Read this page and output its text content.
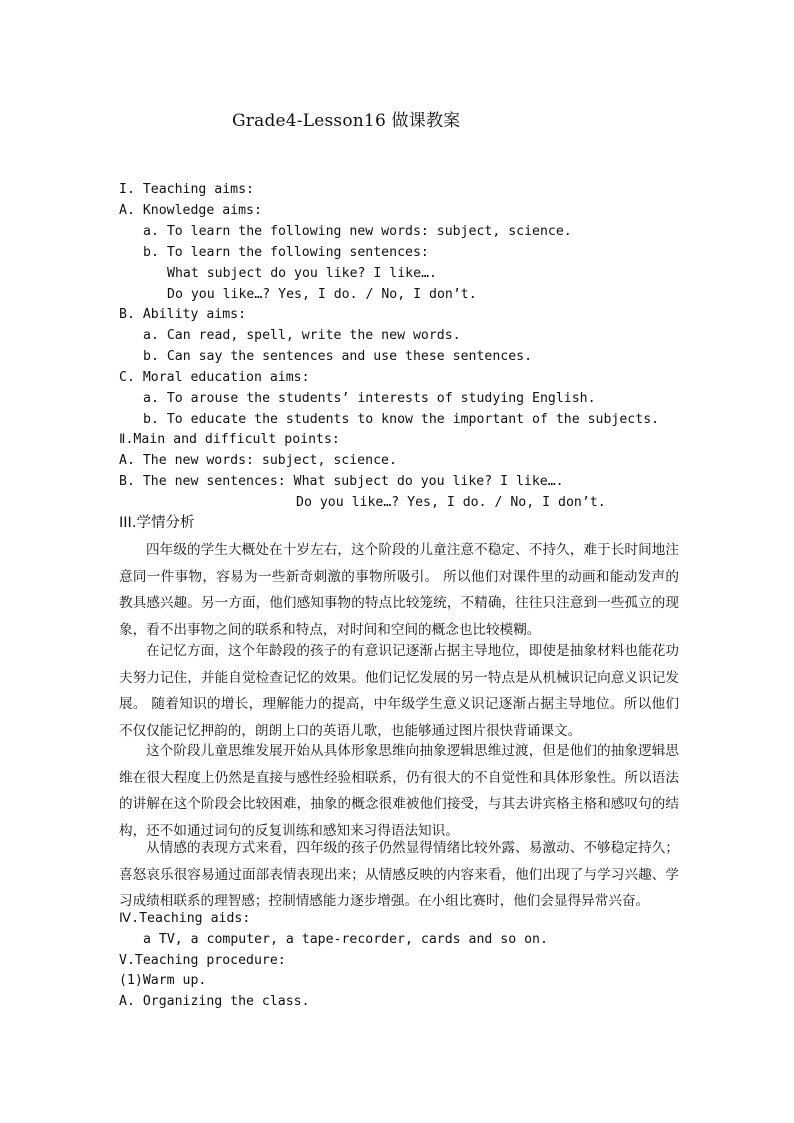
Grade4-Lesson16 做课教案
I. Teaching aims:
A. Knowledge aims:
a. To learn the following new words: subject, science.
b. To learn the following sentences:
What subject do you like? I like….
Do you like…? Yes, I do. / No, I don’t.
B. Ability aims:
a. Can read, spell, write the new words.
b. Can say the sentences and use these sentences.
C. Moral education aims:
a. To arouse the students’ interests of studying English.
b. To educate the students to know the important of the subjects.
Ⅱ.Main and difficult points:
A. The new words: subject, science.
B. The new sentences: What subject do you like? I like….
Do you like…? Yes, I do. / No, I don’t.
III.学情分析
四年级的学生大概处在十岁左右，这个阶段的儿童注意不稳定、不持久，难于长时间地注意同一件事物，容易为一些新奇刺激的事物所吸引。 所以他们对课件里的动画和能动发声的教具感兴趣。另一方面，他们感知事物的特点比较笼统，不精确，往往只注意到一些孤立的现象，看不出事物之间的联系和特点，对时间和空间的概念也比较模糊。
在记忆方面，这个年龄段的孩子的有意识记逐渐占据主导地位，即使是抽象材料也能花功夫努力记住，并能自觉检查记忆的效果。他们记忆发展的另一特点是从机械识记向意义识记发展。 随着知识的增长，理解能力的提高，中年级学生意义识记逐渐占据主导地位。所以他们不仅仅能记忆押韵的，朗朗上口的英语儿歌，也能够通过图片很快背诵课文。
这个阶段儿童思维发展开始从具体形象思维向抽象逻辑思维过渡，但是他们的抽象逻辑思维在很大程度上仍然是直接与感性经验相联系，仍有很大的不自觉性和具体形象性。所以语法的讲解在这个阶段会比较困难，抽象的概念很难被他们接受，与其去讲宾格主格和感叹句的结构，还不如通过词句的反复训练和感知来习得语法知识。
从情感的表现方式来看，四年级的孩子仍然显得情绪比较外露、易激动、不够稳定持久；喜怒哀乐很容易通过面部表情表现出来；从情感反映的内容来看，他们出现了与学习兴趣、学习成绩相联系的理智感；控制情感能力逐步增强。在小组比赛时，他们会显得异常兴奋。
Ⅳ.Teaching aids:
a TV, a computer, a tape-recorder, cards and so on.
V.Teaching procedure:
(1)Warm up.
A. Organizing the class.
